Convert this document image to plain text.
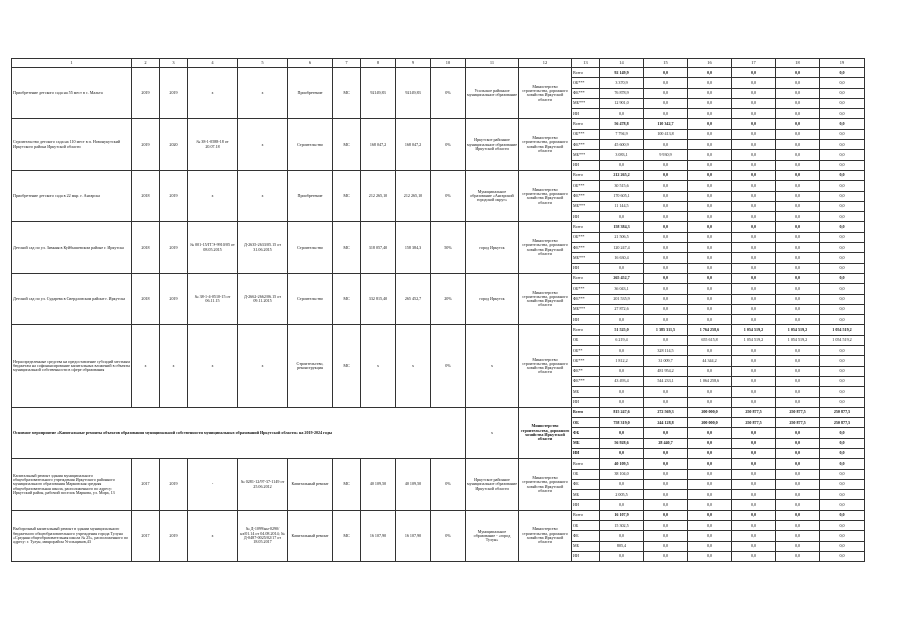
1	2	3	4	5	6	7	8	9	10	11	12	13	14	15	16	17	18	19
Приобретение детского сада на 55 мест в с. Мальта	2019	2019	x	x	Приобретение	МС	92149,83	92149,83	0%	Усольское районное муниципальное образование	Министерство строительства, дорожного хозяйства Иркутской области	Всего	92 149,9	0,0	0,0	0,0	0,0	0,0
												ОБ***	3 370,9	0,0	0,0	0,0	0,0	0,0
												ФБ***	76 878,9	0,0	0,0	0,0	0,0	0,0
												МБ***	12 901,0	0,0	0,0	0,0	0,0	0,0
												ИИ	0,0	0,0	0,0	0,0	0,0	0,0
Строительство детского сада на 110 мест в п. Новонукутский Иркутского района Иркутской области	2019	2020	№ 38-1-0588-18 от 20.07.18	x	Строительство	МС	168 047,2	168 047,2	0%	Иркутское районное муниципальное образование Иркутской области	Министерство строительства, дорожного хозяйства Иркутской области	Всего	56 478,8	110 342,7	0,0	0,0	0,0	0,0
												ОБ***	7 794,9	100 413,8	0,0	0,0	0,0	0,0
												ФБ***	45 600,9	0,0	0,0	0,0	0,0	0,0
												МБ***	3 083,1	9 930,9	0,0	0,0	0,0	0,0
												ИИ	0,0	0,0	0,0	0,0	0,0	0,0
Приобретение детского сада в 22 мкр. г. Ангарска	2018	2019	x	x	Приобретение	МС	212 265,10	212 265,10	0%	Муниципальное образование «Ангарский городской округ»	Министерство строительства, дорожного хозяйства Иркутской области	Всего	212 265,2	0,0	0,0	0,0	0,0	0,0
												ОБ***	30 515,6	0,0	0,0	0,0	0,0	0,0
												ФБ***	170 605,1	0,0	0,0	0,0	0,0	0,0
												МБ***	11 144,5	0,0	0,0	0,0	0,0	0,0
												ИИ	0,0	0,0	0,0	0,0	0,0	0,0
Детский сад по ул. Зимняя в Куйбышевском районе г. Иркутска	2018	2019	№ 001-15/ГГЭ-9910/05 от 08.05.2015	Д-2635-2633/05.15 от 31.06.2015	Строительство	МС	318 057,40	158 384,3	50%	город Иркутск	Министерство строительства, дорожного хозяйства Иркутской области	Всего	158 384,3	0,0	0,0	0,0	0,0	0,0
												ОБ***	21 506,5	0,0	0,0	0,0	0,0	0,0
												ФБ***	120 247,4	0,0	0,0	0,0	0,0	0,0
												МБ***	16 630,4	0,0	0,0	0,0	0,0	0,0
												ИИ	0,0	0,0	0,0	0,0	0,0	0,0
Детский сад по ул. Сударева в Свердловском районе г. Иркутска	2018	2019	№ 38-1-4-0510-15 от 06.11.15	Д-2662-2662/06.15 от 09.11.2015	Строительство	МС	332 815,40	265 452,7	20%	город Иркутск	Министерство строительства, дорожного хозяйства Иркутской области	Всего	265 452,7	0,0	0,0	0,0	0,0	0,0
												ОБ***	36 043,1	0,0	0,0	0,0	0,0	0,0
												ФБ***	201 535,9	0,0	0,0	0,0	0,0	0,0
												МБ***	27 872,6	0,0	0,0	0,0	0,0	0,0
												ИИ	0,0	0,0	0,0	0,0	0,0	0,0
Нераспределенные средства на предоставление субсидий местным бюджетам на софинансирование капитальных вложений в объекты муниципальной собственности в сфере образования	x	x	x	x	Строительство, реконструкция	МС	x	x	0%	x	Министерство строительства, дорожного хозяйства Иркутской области	Всего	51 525,0	1 385 311,5	1 764 258,6	1 054 519,2	1 054 519,2	1 054 519,2
												ОБ	6 219,4	0,0	655 615,8	1 054 519,2	1 054 519,2	1 054 519,2
												ОБ**	0,0	328 114,5	0,0	0,0	0,0	0,0
												ОБ***	1 812,2	31 009,7	44 344,2	0,0	0,0	0,0
												ФБ**	0,0	481 954,2	0,0	0,0	0,0	0,0
												ФБ***	43 493,4	544 233,1	1 064 258,6	0,0	0,0	0,0
												МБ	0,0	0,0	0,0	0,0	0,0	0,0
												ИИ	0,0	0,0	0,0	0,0	0,0	0,0
Основное мероприятие «Капитальные ремонты объектов образования муниципальной собственности муниципальных образований Иркутской области» на 2019-2024 годы										x	Министерство строительства, дорожного хозяйства Иркутской области	Всего	815 247,6	272 569,3	200 000,0	250 877,5	250 877,5	250 877,5
												ОБ	758 319,0	244 128,8	200 000,0	250 877,5	250 877,5	250 877,5
												ФБ	0,0	0,0	0,0	0,0	0,0	0,0
												МБ	56 928,6	28 440,7	0,0	0,0	0,0	0,0
												ИИ	0,0	0,0	0,0	0,0	0,0	0,0
Капитальный ремонт здания муниципального общеобразовательного учреждения Иркутского районного муниципального образования Марковская средняя общеобразовательная школа, расположенного по адресу: Иркутский район, рабочий поселок Маркова, ул. Мира, 13	2017	2019	-	№ 0281-12/97-37-1149 от 25.06.2012	Капитальный ремонт	МС	40 109,50	40 109,50	0%	Иркутское районное муниципальное образование Иркутской области	Министерство строительства, дорожного хозяйства Иркутской области	Всего	40 109,5	0,0	0,0	0,0	0,0	0,0
												ОБ	38 104,0	0,0	0,0	0,0	0,0	0,0
												ФБ	0,0	0,0	0,0	0,0	0,0	0,0
												МБ	2 005,5	0,0	0,0	0,0	0,0	0,0
												ИИ	0,0	0,0	0,0	0,0	0,0	0,0
Выборочный капитальный ремонт в здании муниципального бюджетного общеобразовательного учреждения города Тулуна «Средняя общеобразовательная школа № 25», расположенного по адресу: г. Тулун, микрорайон Угольщиков,43	2017	2019	x	№ Д-1099/нн-0290/нз/01.14 от 04.08.2014; № Д-0487-0025/02/17 от 18.05.2017	Капитальный ремонт	МС	16 107,90	16 107,90	0%	Муниципальное образование - «город Тулун»	Министерство строительства, дорожного хозяйства Иркутской области	Всего	16 107,9	0,0	0,0	0,0	0,0	0,0
												ОБ	15 302,5	0,0	0,0	0,0	0,0	0,0
												ФБ	0,0	0,0	0,0	0,0	0,0	0,0
												МБ	805,4	0,0	0,0	0,0	0,0	0,0
												ИИ	0,0	0,0	0,0	0,0	0,0	0,0
